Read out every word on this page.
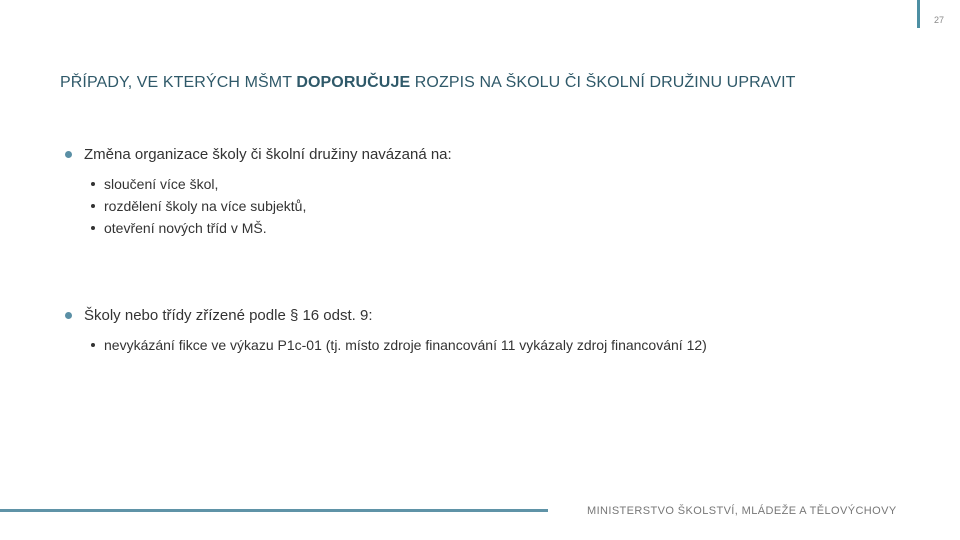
27
PŘÍPADY, VE KTERÝCH MŠMT DOPORUČUJE ROZPIS NA ŠKOLU ČI ŠKOLNÍ DRUŽINU UPRAVIT
Změna organizace školy či školní družiny navázaná na:
sloučení více škol,
rozdělení školy na více subjektů,
otevření nových tříd v MŠ.
Školy nebo třídy zřízené podle § 16 odst. 9:
nevykázání fikce ve výkazu P1c-01 (tj. místo zdroje financování 11 vykázaly zdroj financování 12)
MINISTERSTVO ŠKOLSTVÍ, MLÁDEŽE A TĚLOVÝCHOVY
